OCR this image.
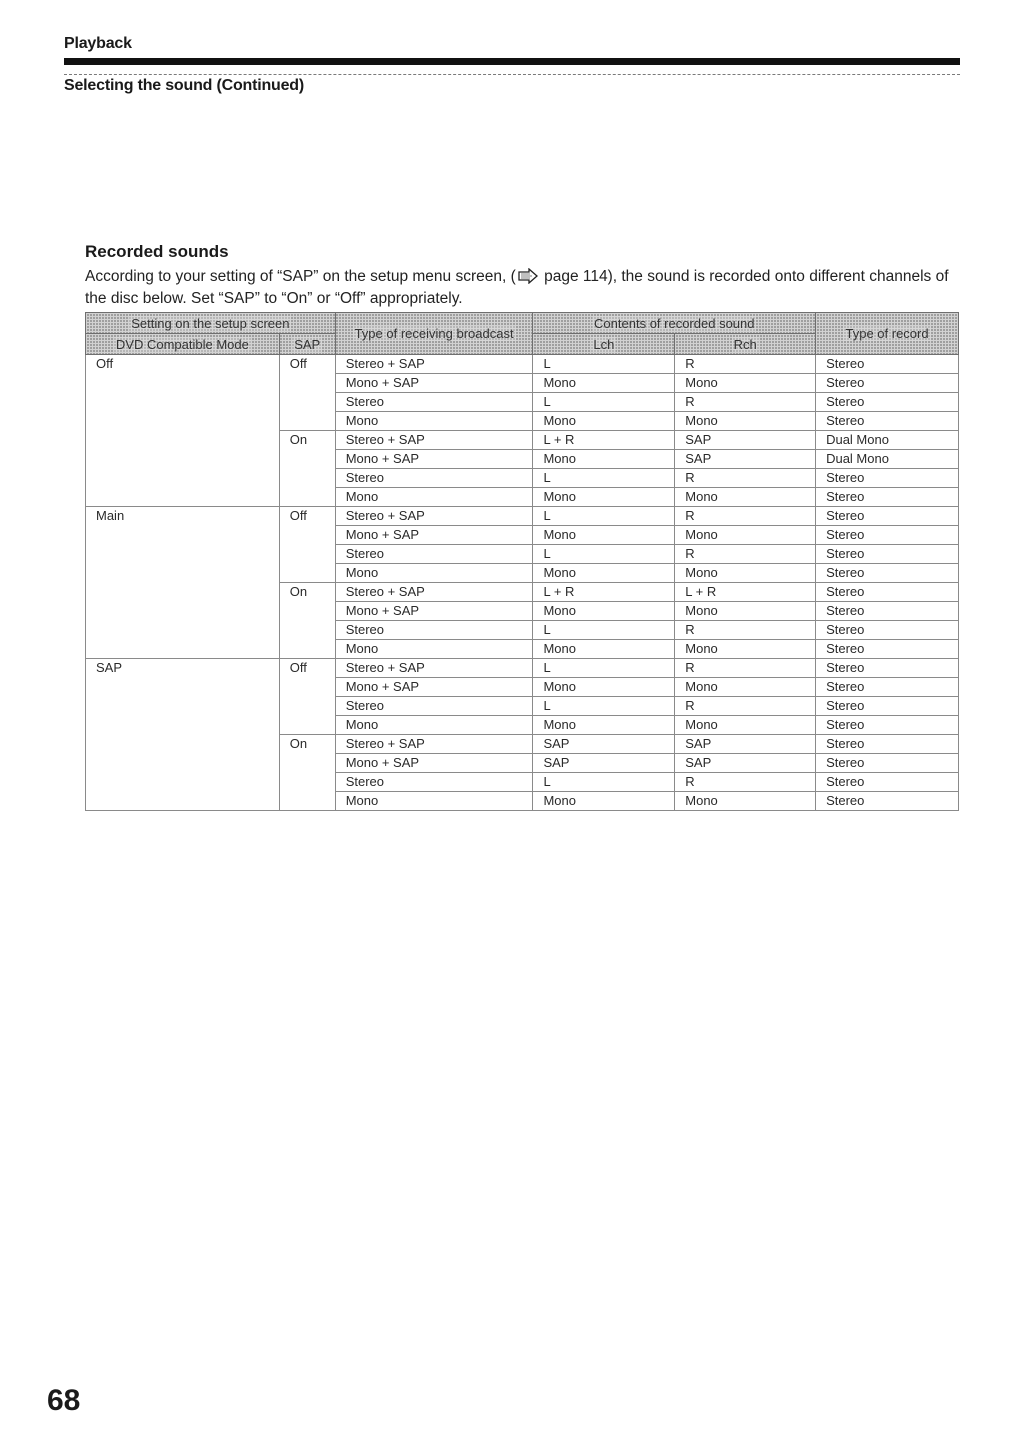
Playback
Selecting the sound (Continued)
Recorded sounds
According to your setting of “SAP” on the setup menu screen, ( page 114), the sound is recorded onto different channels of the disc below. Set “SAP” to “On” or “Off” appropriately.
Setting on the setup screen		Type of receiving broadcast	Contents of recorded sound		Type of record
DVD Compatible Mode	SAP		Lch	Rch	
Off	Off	Stereo + SAP	L	R	Stereo
		Mono + SAP	Mono	Mono	Stereo
		Stereo	L	R	Stereo
		Mono	Mono	Mono	Stereo
	On	Stereo + SAP	L + R	SAP	Dual Mono
		Mono + SAP	Mono	SAP	Dual Mono
		Stereo	L	R	Stereo
		Mono	Mono	Mono	Stereo
Main	Off	Stereo + SAP	L	R	Stereo
		Mono + SAP	Mono	Mono	Stereo
		Stereo	L	R	Stereo
		Mono	Mono	Mono	Stereo
	On	Stereo + SAP	L + R	L + R	Stereo
		Mono + SAP	Mono	Mono	Stereo
		Stereo	L	R	Stereo
		Mono	Mono	Mono	Stereo
SAP	Off	Stereo + SAP	L	R	Stereo
		Mono + SAP	Mono	Mono	Stereo
		Stereo	L	R	Stereo
		Mono	Mono	Mono	Stereo
	On	Stereo + SAP	SAP	SAP	Stereo
		Mono + SAP	SAP	SAP	Stereo
		Stereo	L	R	Stereo
		Mono	Mono	Mono	Stereo
68
